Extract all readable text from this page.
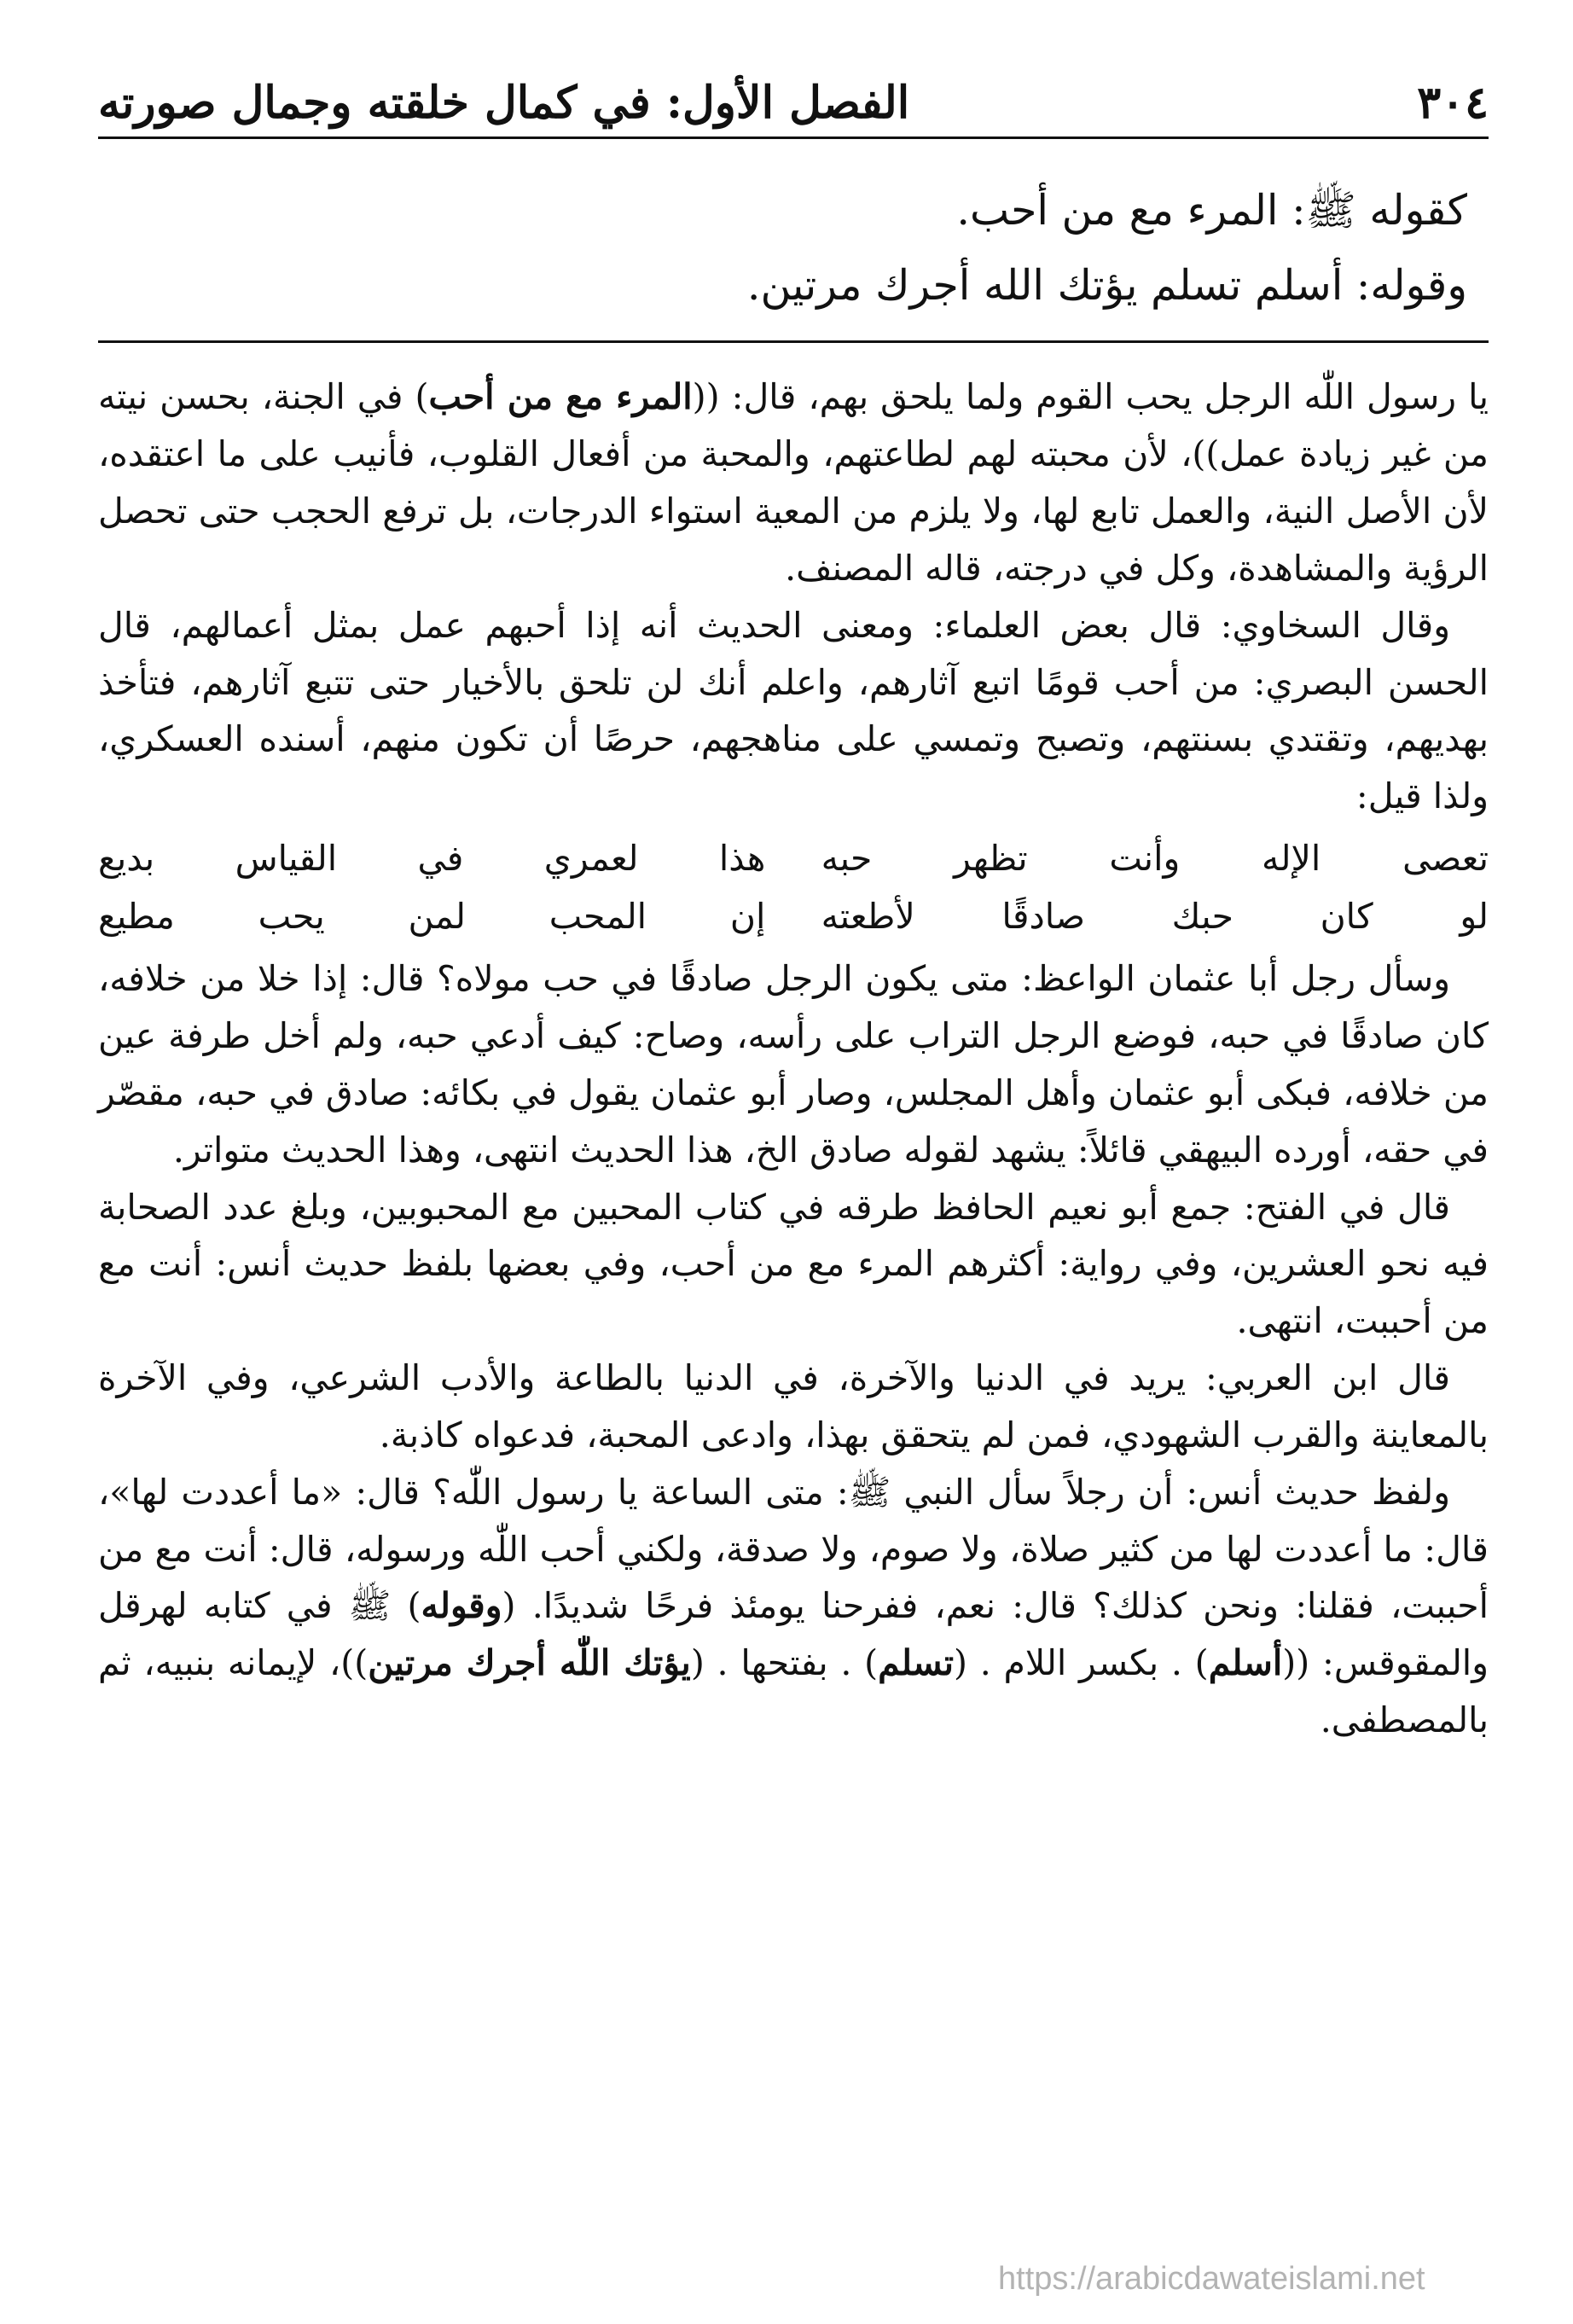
٣٠٤
الفصل الأول: في كمال خلقته وجمال صورته
كقوله ﷺ: المرء مع من أحب.
وقوله: أسلم تسلم يؤتك الله أجرك مرتين.

يا رسول اللّٰه الرجل يحب القوم ولما يلحق بهم، قال: ((المرء مع من أحب) في الجنة، بحسن نيته من غير زيادة عمل))، لأن محبته لهم لطاعتهم، والمحبة من أفعال القلوب، فأنيب على ما اعتقده، لأن الأصل النية، والعمل تابع لها، ولا يلزم من المعية استواء الدرجات، بل ترفع الحجب حتى تحصل الرؤية والمشاهدة، وكل في درجته، قاله المصنف.

وقال السخاوي: قال بعض العلماء: ومعنى الحديث أنه إذا أحبهم عمل بمثل أعمالهم، قال الحسن البصري: من أحب قومًا اتبع آثارهم، واعلم أنك لن تلحق بالأخيار حتى تتبع آثارهم، فتأخذ بهديهم، وتقتدي بسنتهم، وتصبح وتمسي على مناهجهم، حرصًا أن تكون منهم، أسنده العسكري، ولذا قيل:

تعصى الإله وأنت تظهر حبه
هذا لعمري في القياس بديع
لو كان حبك صادقًا لأطعته
إن المحب لمن يحب مطيع

وسأل رجل أبا عثمان الواعظ: متى يكون الرجل صادقًا في حب مولاه؟ قال: إذا خلا من خلافه، كان صادقًا في حبه، فوضع الرجل التراب على رأسه، وصاح: كيف أدعي حبه، ولم أخل طرفة عين من خلافه، فبكى أبو عثمان وأهل المجلس، وصار أبو عثمان يقول في بكائه: صادق في حبه، مقصّر في حقه، أورده البيهقي قائلاً: يشهد لقوله صادق الخ، هذا الحديث انتهى، وهذا الحديث متواتر.

قال في الفتح: جمع أبو نعيم الحافظ طرقه في كتاب المحبين مع المحبوبين، وبلغ عدد الصحابة فيه نحو العشرين، وفي رواية: أكثرهم المرء مع من أحب، وفي بعضها بلفظ حديث أنس: أنت مع من أحببت، انتهى.

قال ابن العربي: يريد في الدنيا والآخرة، في الدنيا بالطاعة والأدب الشرعي، وفي الآخرة بالمعاينة والقرب الشهودي، فمن لم يتحقق بهذا، وادعى المحبة، فدعواه كاذبة.

ولفظ حديث أنس: أن رجلاً سأل النبي ﷺ: متى الساعة يا رسول اللّٰه؟ قال: «ما أعددت لها»، قال: ما أعددت لها من كثير صلاة، ولا صوم، ولا صدقة، ولكني أحب اللّٰه ورسوله، قال: أنت مع من أحببت، فقلنا: ونحن كذلك؟ قال: نعم، ففرحنا يومئذ فرحًا شديدًا. (وقوله) ﷺ في كتابه لهرقل والمقوقس: ((أسلم) . بكسر اللام . (تسلم) . بفتحها . (يؤتك اللّٰه أجرك مرتين))، لإيمانه بنبيه، ثم بالمصطفى.

https://arabicdawateislami.net
